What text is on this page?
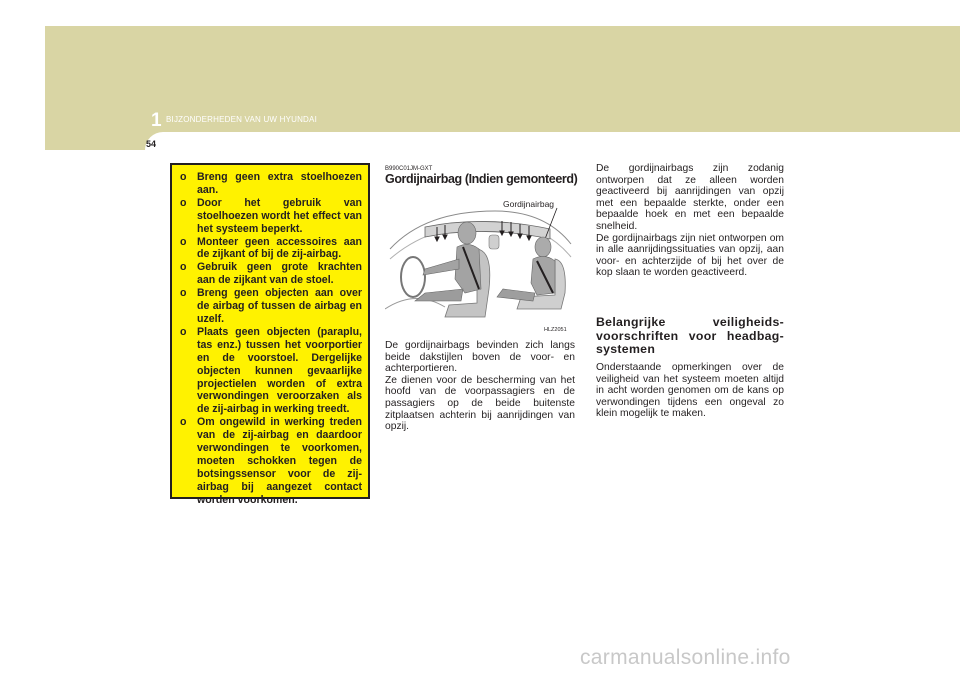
1 BIJZONDERHEDEN VAN UW HYUNDAI
54
o Breng geen extra stoelhoezen aan.
o Door het gebruik van stoelhoezen wordt het effect van het systeem beperkt.
o Monteer geen accessoires aan de zijkant of bij de zij-airbag.
o Gebruik geen grote krachten aan de zijkant van de stoel.
o Breng geen objecten aan over de airbag of tussen de airbag en uzelf.
o Plaats geen objecten (paraplu, tas enz.) tussen het voorportier en de voorstoel. Dergelijke objecten kunnen gevaarlijke projectielen worden of extra verwondingen veroorzaken als de zij-airbag in werking treedt.
o Om ongewild in werking treden van de zij-airbag en daardoor verwondingen te voorkomen, moeten schokken tegen de botsingssensor voor de zij-airbag bij aangezet contact worden voorkomen.
B990C01JM-GXT
Gordijnairbag (Indien gemonteerd)
Gordijnairbag
HLZ2051

De gordijnairbags bevinden zich langs beide dakstijlen boven de voor- en achterportieren.

Ze dienen voor de bescherming van het hoofd van de voorpassagiers en de passagiers op de beide buitenste zitplaatsen achterin bij aanrijdingen van opzij.

De gordijnairbags zijn zodanig ontworpen dat ze alleen worden geactiveerd bij aanrijdingen van opzij met een bepaalde sterkte, onder een bepaalde hoek en met een bepaalde snelheid.

De gordijnairbags zijn niet ontworpen om in alle aanrijdingssituaties van opzij, aan voor- en achterzijde of bij het over de kop slaan te worden geactiveerd.

Belangrijke veiligheids-voorschriften voor headbag-systemen

Onderstaande opmerkingen over de veiligheid van het systeem moeten altijd in acht worden genomen om de kans op verwondingen tijdens een ongeval zo klein mogelijk te maken.

carmanualsonline.info
